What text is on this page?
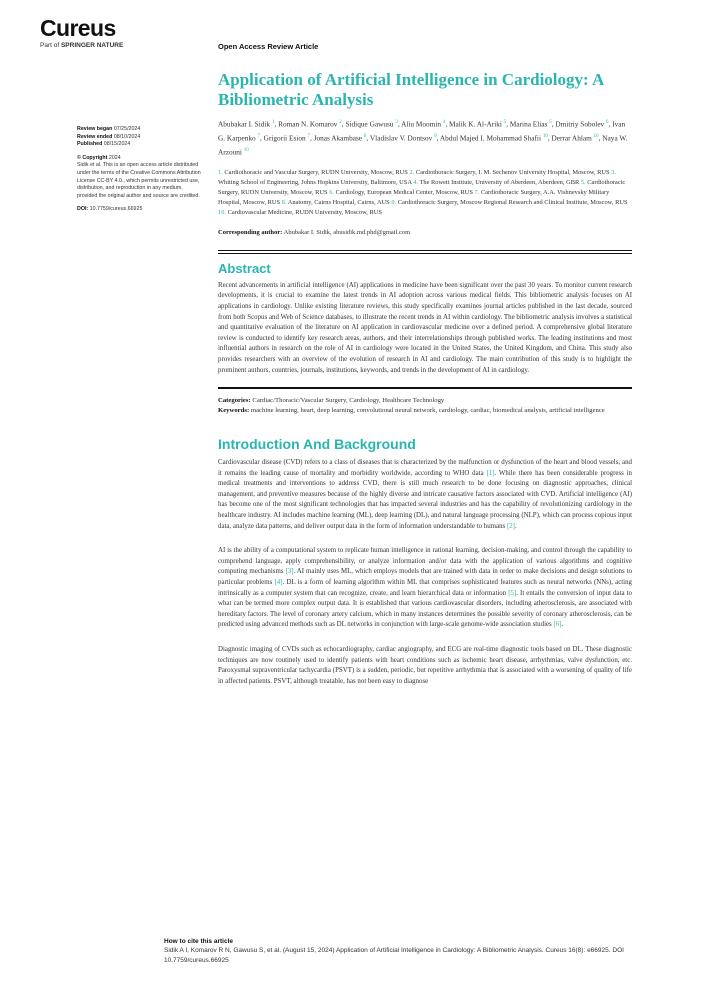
Cureus
Part of SPRINGER NATURE	Open Access Review Article
Application of Artificial Intelligence in Cardiology: A Bibliometric Analysis

Review began 07/25/2024

Review ended 08/10/2024

Published 08/15/2024

© Copyright 2024

Sidik et al. This is an open access article distributed under the terms of the Creative Commons Attribution License CC-BY 4.0., which permits unrestricted use, distribution, and reproduction in any medium, provided the original author and source are credited.

DOI: 10.7759/cureus.66925

Abubakar I. Sidik $^1$, Roman N. Komarov $^2$, Sidique Gawusu $^3$, Aliu Moomin $^4$, Malik K. Al-Ariki $^5$, Marina Elias $^5$, Dmitriy Sobolev $^6$, Ivan G. Karpenko $^7$, Grigorii Esion $^7$, Jonas Akambase $^8$, Vladislav V. Dontsov $^9$, Abdul Majed I. Mohammad Shafii $^{10}$, Derrar Ahlam $^{10}$, Naya W. Arzouni $^{10}$
1. Cardiothoracic and Vascular Surgery, RUDN University, Moscow, RUS 2. Cardiothoracic Surgery, I. M. Sechenov University Hospital, Moscow, RUS 3. Whiting School of Engineering, Johns Hopkins University, Baltimore, USA 4. The Rowett Institute, University of Aberdeen, Aberdeen, GBR 5. Cardiothoracic Surgery, RUDN University, Moscow, RUS 6. Cardiology, European Medical Center, Moscow, RUS 7. Cardiothoracic Surgery, A.A. Vishnevsky Military Hospital, Moscow, RUS 8. Anatomy, Cairns Hospital, Cairns, AUS 9. Cardiothoracic Surgery, Moscow Regional Research and Clinical Institute, Moscow, RUS 10. Cardiovascular Medicine, RUDN University, Moscow, RUS
Corresponding author: Abubakar I. Sidik, abusidik.md.phd@gmail.com
Abstract

Recent advancements in artificial intelligence (AI) applications in medicine have been significant over the past 30 years. To monitor current research developments, it is crucial to examine the latest trends in AI adoption across various medical fields. This bibliometric analysis focuses on AI applications in cardiology. Unlike existing literature reviews, this study specifically examines journal articles published in the last decade, sourced from both Scopus and Web of Science databases, to illustrate the recent trends in AI within cardiology. The bibliometric analysis involves a statistical and quantitative evaluation of the literature on AI application in cardiovascular medicine over a defined period. A comprehensive global literature review is conducted to identify key research areas, authors, and their interrelationships through published works. The leading institutions and most influential authors in research on the role of AI in cardiology were located in the United States, the United Kingdom, and China. This study also provides researchers with an overview of the evolution of research in AI and cardiology. The main contribution of this study is to highlight the prominent authors, countries, journals, institutions, keywords, and trends in the development of AI in cardiology.

Categories: Cardiac/Thoracic/Vascular Surgery, Cardiology, Healthcare Technology
Keywords: machine learning, heart, deep learning, convolutional neural network, cardiology, cardiac, biomedical analysis, artificial intelligence
Introduction And Background

Cardiovascular disease (CVD) refers to a class of diseases that is characterized by the malfunction or dysfunction of the heart and blood vessels, and it remains the leading cause of mortality and morbidity worldwide, according to WHO data [1]. While there has been considerable progress in medical treatments and interventions to address CVD, there is still much research to be done focusing on diagnostic approaches, clinical management, and preventive measures because of the highly diverse and intricate causative factors associated with CVD. Artificial intelligence (AI) has become one of the most significant technologies that has impacted several industries and has the capability of revolutionizing cardiology in the healthcare industry. AI includes machine learning (ML), deep learning (DL), and natural language processing (NLP), which can process copious input data, analyze data patterns, and deliver output data in the form of information understandable to humans [2].

AI is the ability of a computational system to replicate human intelligence in rational learning, decision-making, and control through the capability to comprehend language, apply comprehensibility, or analyze information and/or data with the application of various algorithms and cognitive computing mechanisms [3]. AI mainly uses ML, which employs models that are trained with data in order to make decisions and design solutions to particular problems [4]. DL is a form of learning algorithm within ML that comprises sophisticated features such as neural networks (NNs), acting intrinsically as a computer system that can recognize, create, and learn hierarchical data or information [5]. It entails the conversion of input data to what can be termed more complex output data. It is established that various cardiovascular disorders, including atherosclerosis, are associated with hereditary factors. The level of coronary artery calcium, which in many instances determines the possible severity of coronary atherosclerosis, can be predicted using advanced methods such as DL networks in conjunction with large-scale genome-wide association studies [6].

Diagnostic imaging of CVDs such as echocardiography, cardiac angiography, and ECG are real-time diagnostic tools based on DL. These diagnostic techniques are now routinely used to identify patients with heart conditions such as ischemic heart disease, arrhythmias, valve dysfunction, etc. Paroxysmal supraventricular tachycardia (PSVT) is a sudden, periodic, but repetitive arrhythmia that is associated with a worsening of quality of life in affected patients. PSVT, although treatable, has not been easy to diagnose

How to cite this article
Sidik A I, Komarov R N, Gawusu S, et al. (August 15, 2024) Application of Artificial Intelligence in Cardiology: A Bibliometric Analysis. Cureus 16(8): e66925. DOI 10.7759/cureus.66925
